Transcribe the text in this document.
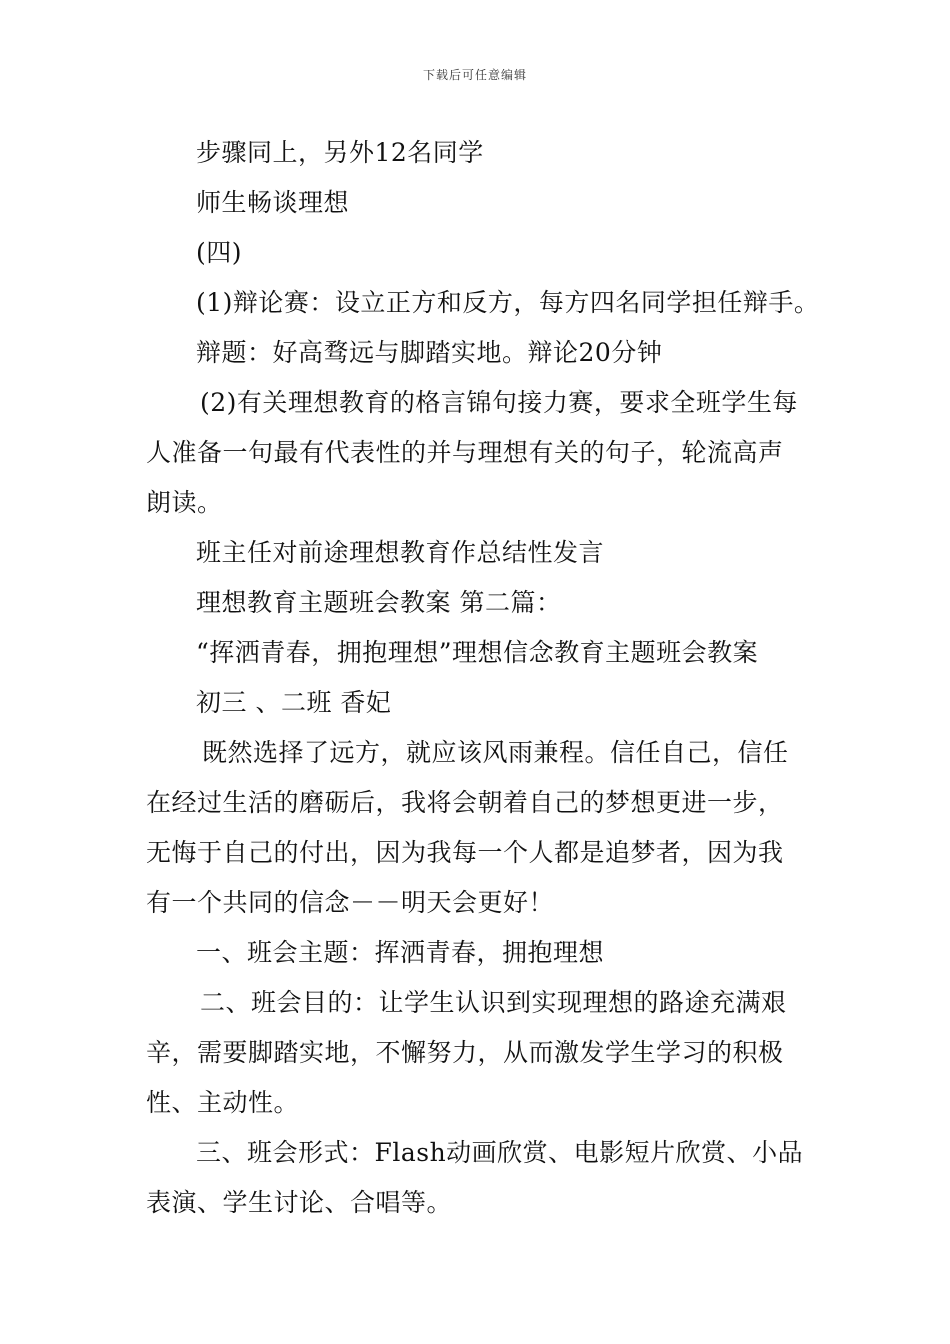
下载后可任意编辑
步骤同上，另外12名同学
师生畅谈理想
(四)
(1)辩论赛：设立正方和反方，每方四名同学担任辩手。
辩题：好高骛远与脚踏实地。辩论20分钟
(2)有关理想教育的格言锦句接力赛，要求全班学生每
人准备一句最有代表性的并与理想有关的句子，轮流高声
朗读。
班主任对前途理想教育作总结性发言
理想教育主题班会教案 第二篇：
“挥洒青春，拥抱理想”理想信念教育主题班会教案
初三 、二班 香妃
既然选择了远方，就应该风雨兼程。信任自己，信任
在经过生活的磨砺后，我将会朝着自己的梦想更进一步，
无悔于自己的付出，因为我每一个人都是追梦者，因为我
有一个共同的信念－－明天会更好！
一、班会主题：挥洒青春，拥抱理想
二、班会目的：让学生认识到实现理想的路途充满艰
辛，需要脚踏实地，不懈努力，从而激发学生学习的积极
性、主动性。
三、班会形式：Flash动画欣赏、电影短片欣赏、小品
表演、学生讨论、合唱等。
